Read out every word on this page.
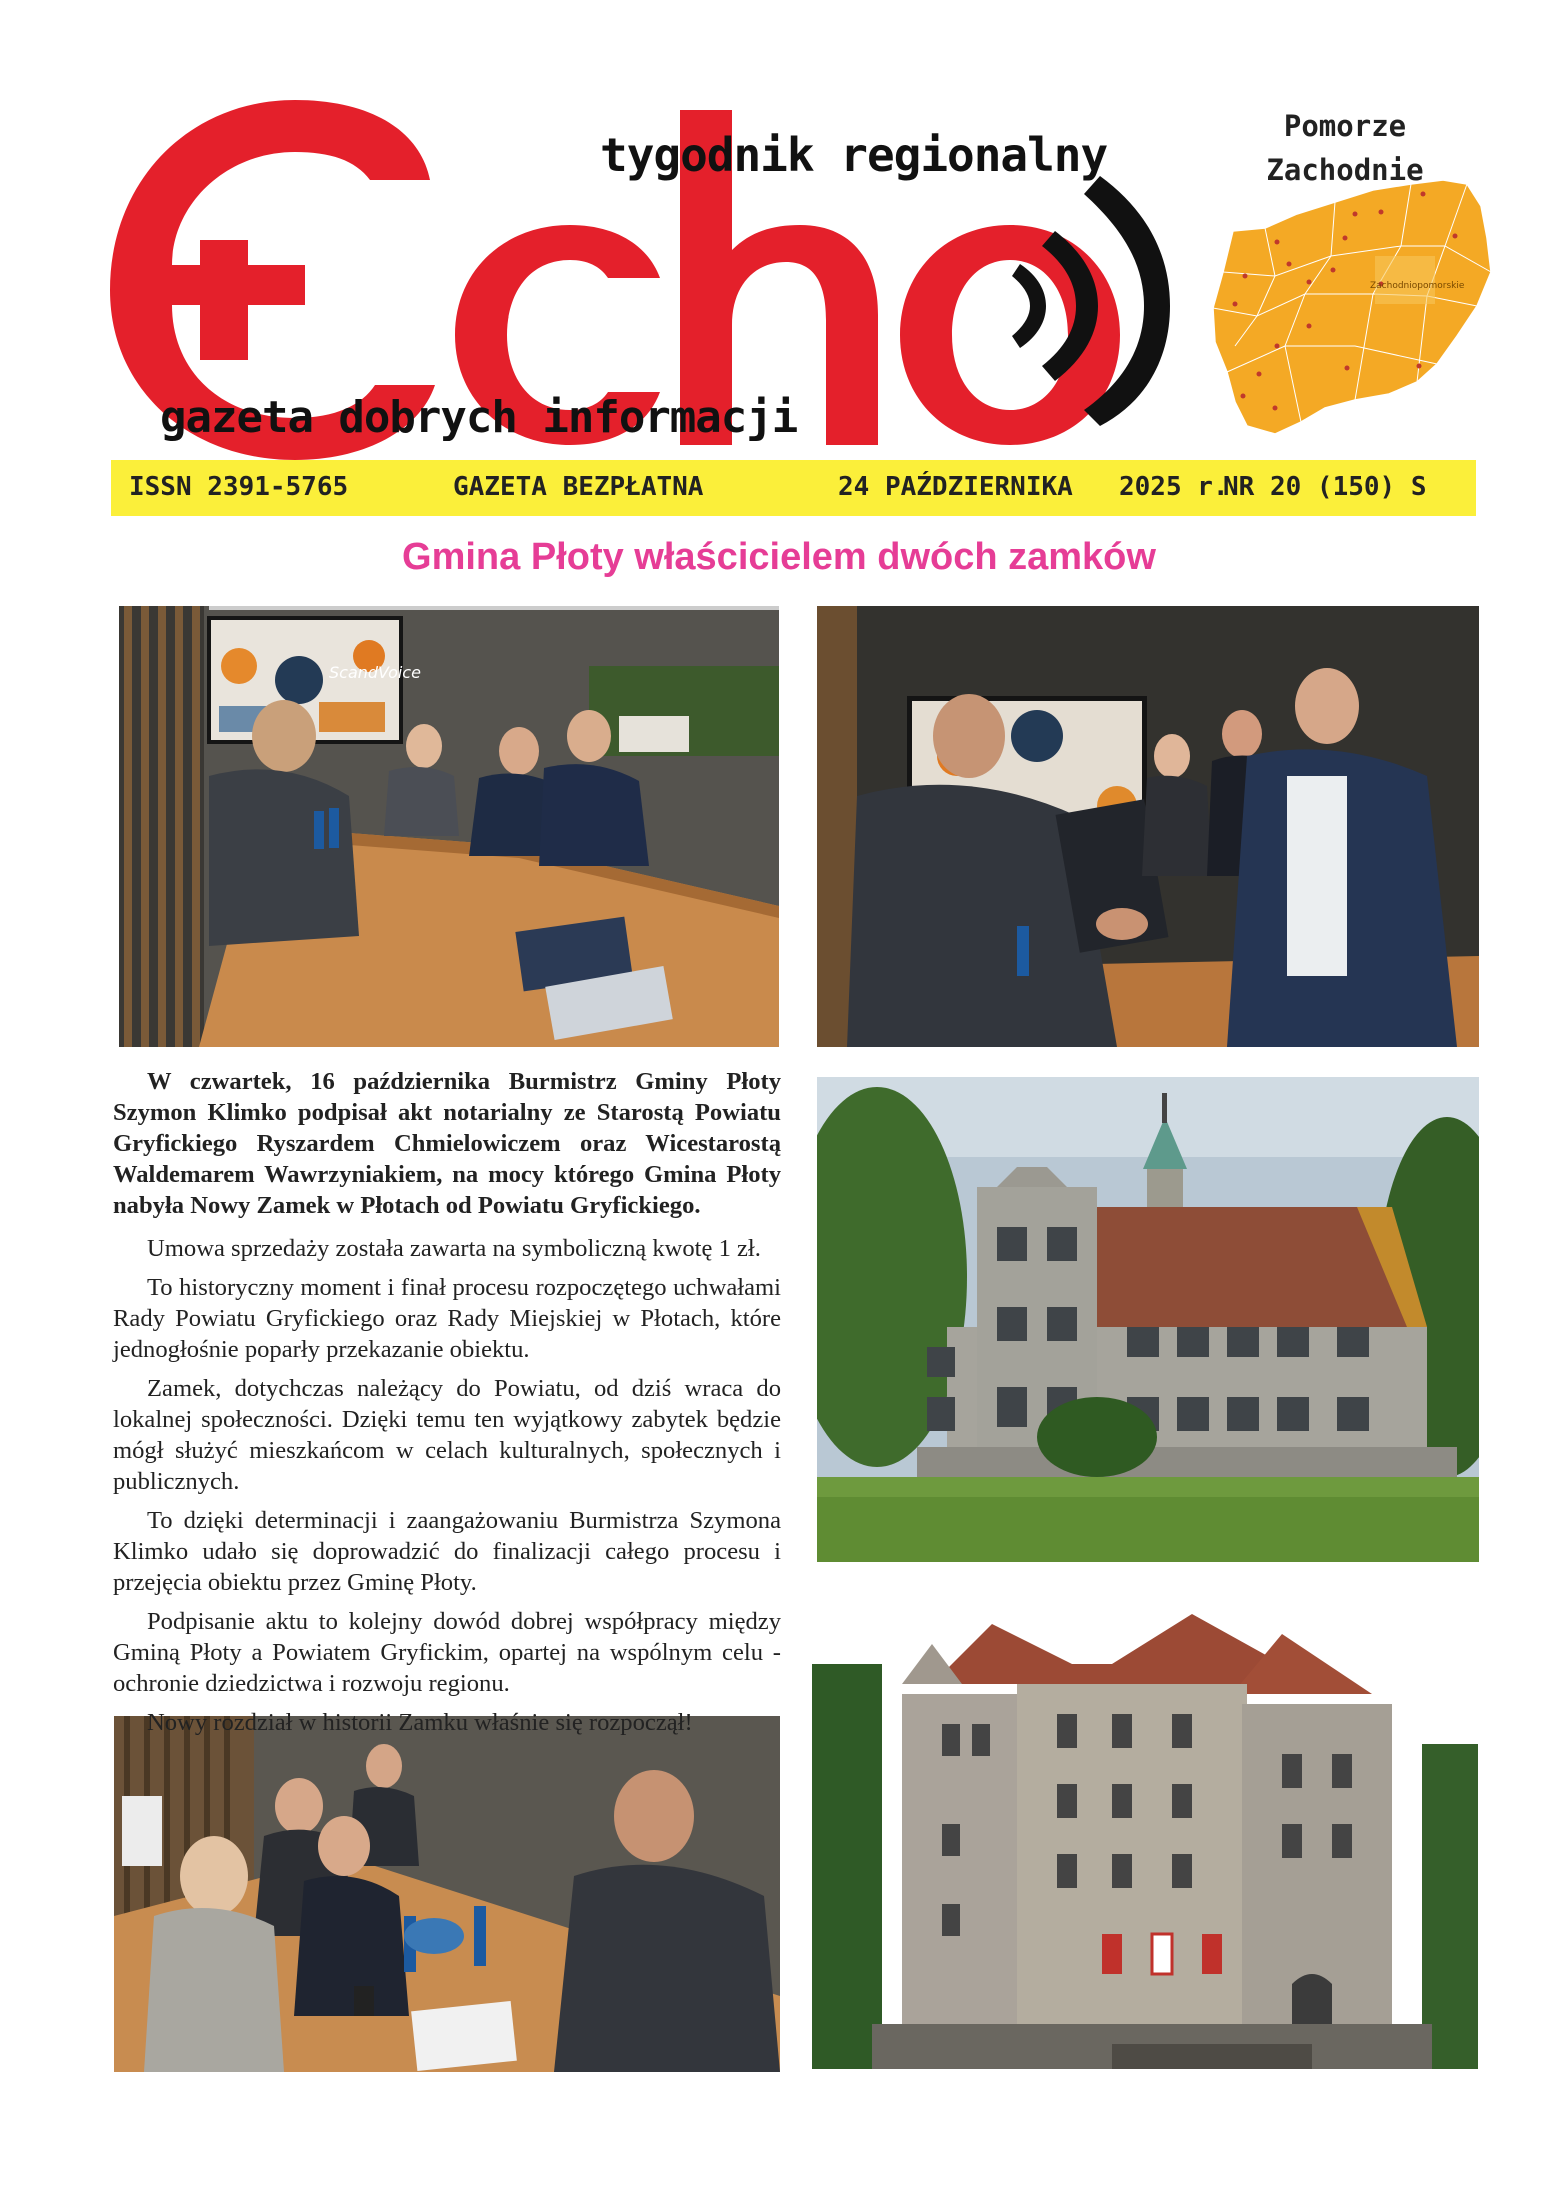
tygodnik regionalny
gazeta dobrych informacji
Pomorze
Zachodnie
Zachodniopomorskie
ISSN 2391-5765	GAZETA BEZPŁATNA	24 PAŹDZIERNIKA 2025 r.
NR 20 (150) S
Gmina Płoty właścicielem dwóch zamków
ScandVoice

W czwartek, 16 października Burmistrz Gminy Płoty Szymon Klimko podpisał akt notarialny ze Starostą Powiatu Gryfickiego Ryszardem Chmielowiczem oraz Wicestarostą Waldemarem Wawrzyniakiem, na mocy którego Gmina Płoty nabyła Nowy Zamek w Płotach od Powiatu Gryfickiego.

Umowa sprzedaży została zawarta na symboliczną kwotę 1 zł.

To historyczny moment i finał procesu rozpoczętego uchwałami Rady Powiatu Gryfickiego oraz Rady Miejskiej w Płotach, które jednogłośnie poparły przekazanie obiektu.

Zamek, dotychczas należący do Powiatu, od dziś wraca do lokalnej społeczności. Dzięki temu ten wyjątkowy zabytek będzie mógł służyć mieszkańcom w celach kulturalnych, społecznych i publicznych.

To dzięki determinacji i zaangażowaniu Burmistrza Szymona Klimko udało się doprowadzić do finalizacji całego procesu i przejęcia obiektu przez Gminę Płoty.

Podpisanie aktu to kolejny dowód dobrej współpracy między Gminą Płoty a Powiatem Gryfickim, opartej na wspólnym celu - ochronie dziedzictwa i rozwoju regionu.

Nowy rozdział w historii Zamku właśnie się rozpoczął!
